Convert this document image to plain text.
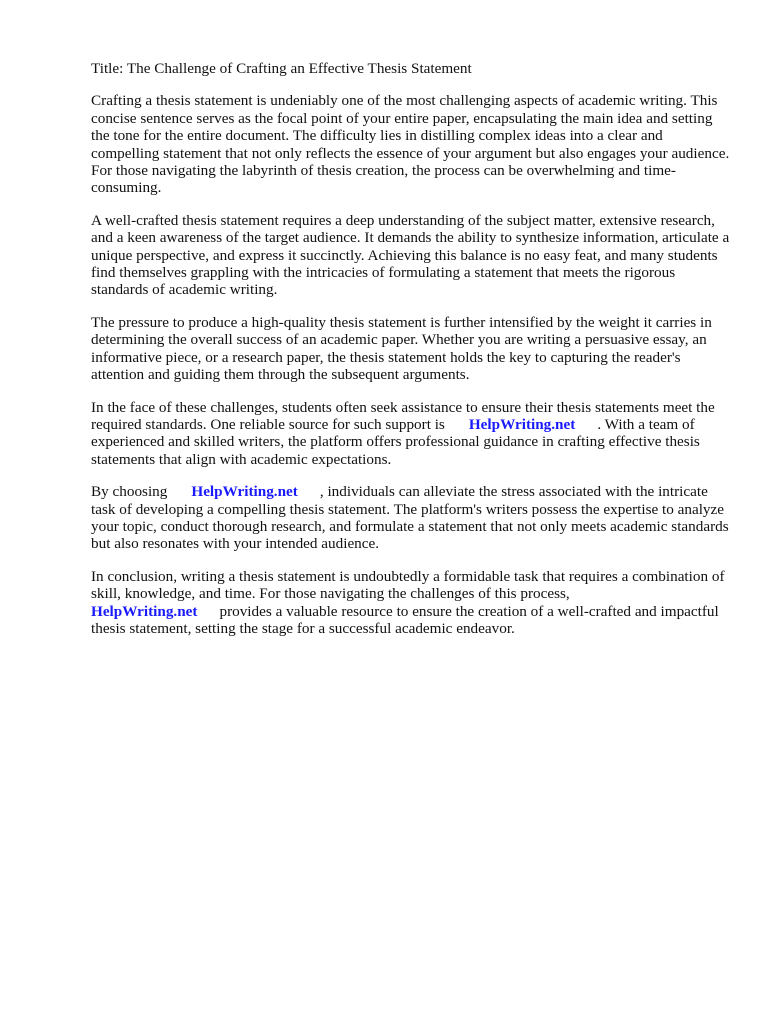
Title: The Challenge of Crafting an Effective Thesis Statement

Crafting a thesis statement is undeniably one of the most challenging aspects of academic writing. This concise sentence serves as the focal point of your entire paper, encapsulating the main idea and setting the tone for the entire document. The difficulty lies in distilling complex ideas into a clear and compelling statement that not only reflects the essence of your argument but also engages your audience. For those navigating the labyrinth of thesis creation, the process can be overwhelming and time-consuming.

A well-crafted thesis statement requires a deep understanding of the subject matter, extensive research, and a keen awareness of the target audience. It demands the ability to synthesize information, articulate a unique perspective, and express it succinctly. Achieving this balance is no easy feat, and many students find themselves grappling with the intricacies of formulating a statement that meets the rigorous standards of academic writing.

The pressure to produce a high-quality thesis statement is further intensified by the weight it carries in determining the overall success of an academic paper. Whether you are writing a persuasive essay, an informative piece, or a research paper, the thesis statement holds the key to capturing the reader's attention and guiding them through the subsequent arguments.

In the face of these challenges, students often seek assistance to ensure their thesis statements meet the required standards. One reliable source for such support is HelpWriting.net . With a team of experienced and skilled writers, the platform offers professional guidance in crafting effective thesis statements that align with academic expectations.

By choosing HelpWriting.net , individuals can alleviate the stress associated with the intricate task of developing a compelling thesis statement. The platform's writers possess the expertise to analyze your topic, conduct thorough research, and formulate a statement that not only meets academic standards but also resonates with your intended audience.

In conclusion, writing a thesis statement is undoubtedly a formidable task that requires a combination of skill, knowledge, and time. For those navigating the challenges of this process, HelpWriting.net provides a valuable resource to ensure the creation of a well-crafted and impactful thesis statement, setting the stage for a successful academic endeavor.
